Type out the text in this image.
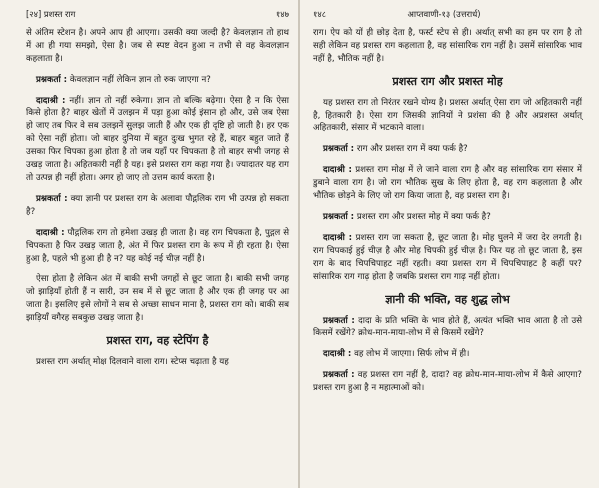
[२४] प्रशस्त राग	१४७

से अंतिम स्टेशन है। अपने आप ही आएगा। उसकी क्या जल्दी है? केवलज्ञान तो हाथ में आ ही गया समझो, ऐसा है। जब से स्पष्ट वेदन हुआ न तभी से वह केवलज्ञान कहलाता है।

प्रश्नकर्ता : केवलज्ञान नहीं लेकिन ज्ञान तो रुक जाएगा न?

दादाश्री : नहीं। ज्ञान तो नहीं रुकेगा। ज्ञान तो बल्कि बढ़ेगा। ऐसा है न कि ऐसा किसे होता है? बाहर खेतों में उलझन में पड़ा हुआ कोई इंसान हो और, उसे जब ऐसा हो जाए तब फिर वे सब उलझनें सुलझ जाती हैं और एक ही दृष्टि हो जाती है। हर एक को ऐसा नहीं होता। जो बाहर दुनिया में बहुत दुःख भुगत रहे हैं, बाहर बहुत जाते हैं उसका फिर चिपका हुआ होता है तो जब यहाँ पर चिपकता है तो बाहर सभी जगह से उखड़ जाता है। अहितकारी नहीं है यह। इसे प्रशस्त राग कहा गया है। ज्यादातर यह राग तो उत्पन्न ही नहीं होता। अगर हो जाए तो उत्तम कार्य करता है।

प्रश्नकर्ता : क्या ज्ञानी पर प्रशस्त राग के अलावा पौद्गलिक राग भी उत्पन्न हो सकता है?

दादाश्री : पौद्गलिक राग तो हमेशा उखड़ ही जाता है। वह राग चिपकता है, पुद्गल से चिपकता है फिर उखड़ जाता है, अंत में फिर प्रशस्त राग के रूप में ही रहता है। ऐसा हुआ है, पहले भी हुआ ही है न? यह कोई नई चीज़ नहीं है।

ऐसा होता है लेकिन अंत में बाकी सभी जगहों से छूट जाता है। बाकी सभी जगह जो झाड़ियाँ होती हैं न सारी, उन सब में से छूट जाता है और एक ही जगह पर आ जाता है। इसलिए इसे लोगों ने सब से अच्छा साधन माना है, प्रशस्त राग को। बाकी सब झाड़ियाँ वगैरह सबकुछ उखड़ जाता है।

प्रशस्त राग, वह स्टेपिंग है

प्रशस्त राग अर्थात् मोक्ष दिलवाने वाला राग। स्टेप्स चढ़ाता है यह

१४८	आप्तवाणी-१३ (उत्तरार्ध)

राग। ऐप को यों ही छोड़ देता है, फर्स्ट स्टेप से ही। अर्थात् सभी का हम पर राग है तो सही लेकिन वह प्रशस्त राग कहलाता है, वह सांसारिक राग नहीं है। उसमें सांसारिक भाव नहीं है, भौतिक नहीं है।

प्रशस्त राग और प्रशस्त मोह

यह प्रशस्त राग तो निरंतर रखने योग्य है। प्रशस्त अर्थात् ऐसा राग जो अहितकारी नहीं है, हितकारी है। ऐसा राग जिसकी ज्ञानियों ने प्रशंसा की है और अप्रशस्त अर्थात् अहितकारी, संसार में भटकाने वाला।

प्रश्नकर्ता : राग और प्रशस्त राग में क्या फर्क है?

दादाश्री : प्रशस्त राग मोक्ष में ले जाने वाला राग है और वह सांसारिक राग संसार में डुबाने वाला राग है। जो राग भौतिक सुख के लिए होता है, वह राग कहलाता है और भौतिक छोड़ने के लिए जो राग किया जाता है, वह प्रशस्त राग है।

प्रश्नकर्ता : प्रशस्त राग और प्रशस्त मोह में क्या फर्क है?

दादाश्री : प्रशस्त राग जा सकता है, छूट जाता है। मोह घुलने में जरा देर लगती है। राग चिपकाई हुई चीज़ है और मोह चिपकी हुई चीज़ है। फिर यह तो छूट जाता है, इस राग के बाद चिपचिपाहट नहीं रहती। क्या प्रशस्त राग में चिपचिपाहट है कहीं पर? सांसारिक राग गाढ़ होता है जबकि प्रशस्त राग गाढ़ नहीं होता।

ज्ञानी की भक्ति, वह शुद्ध लोभ

प्रश्नकर्ता : दादा के प्रति भक्ति के भाव होते हैं, अत्यंत भक्ति भाव आता है तो उसे किसमें रखेंगे? क्रोध-मान-माया-लोभ में से किसमें रखेंगे?

दादाश्री : वह लोभ में जाएगा। सिर्फ लोभ में ही।

प्रश्नकर्ता : वह प्रशस्त राग नहीं है, दादा? वह क्रोध-मान-माया-लोभ में कैसे आएगा? प्रशस्त राग हुआ है न महात्माओं को।
